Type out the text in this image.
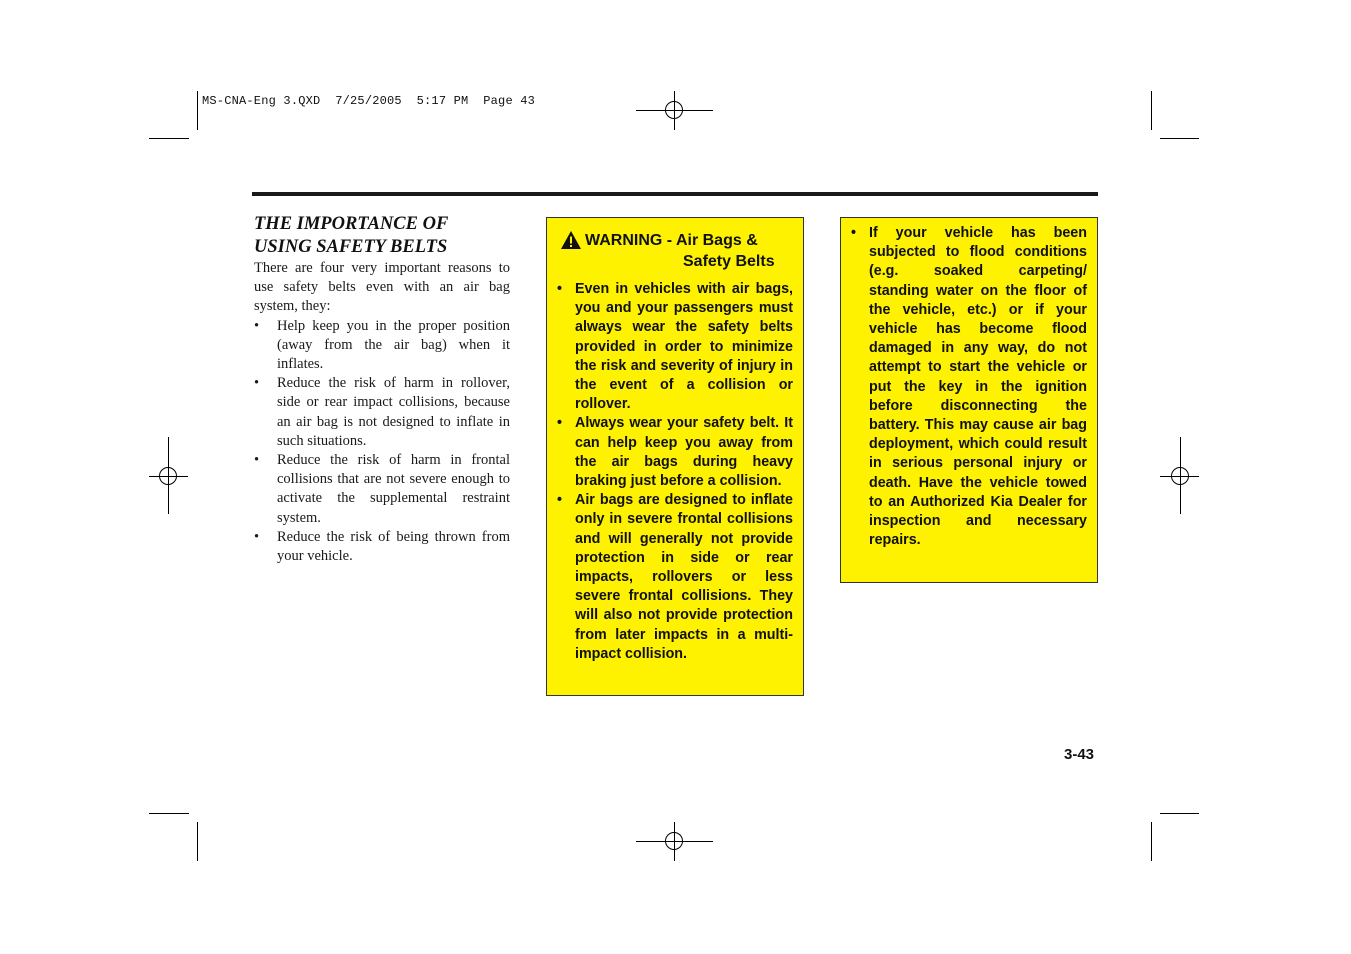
MS-CNA-Eng 3.QXD  7/25/2005  5:17 PM  Page 43
THE IMPORTANCE OF
USING SAFETY BELTS

There are four very important reasons to use safety belts even with an air bag system, they:

• Help keep you in the proper position (away from the air bag) when it inflates.
• Reduce the risk of harm in rollover, side or rear impact collisions, because an air bag is not designed to inflate in such situations.
• Reduce the risk of harm in frontal collisions that are not severe enough to activate the supplemental restraint system.
• Reduce the risk of being thrown from your vehicle.
WARNING - Air Bags &
Safety Belts
• Even in vehicles with air bags, you and your passengers must always wear the safety belts provided in order to minimize the risk and severity of injury in the event of a collision or rollover.
• Always wear your safety belt. It can help keep you away from the air bags during heavy braking just before a collision.
• Air bags are designed to inflate only in severe frontal collisions and will generally not provide protection in side or rear impacts, rollovers or less severe frontal collisions. They will also not provide protection from later impacts in a multi-impact collision.
• If your vehicle has been subjected to flood conditions (e.g. soaked carpeting/ standing water on the floor of the vehicle, etc.) or if your vehicle has become flood damaged in any way, do not attempt to start the vehicle or put the key in the ignition before disconnecting the battery. This may cause air bag deployment, which could result in serious personal injury or death. Have the vehicle towed to an Authorized Kia Dealer for inspection and necessary repairs.
3-43
